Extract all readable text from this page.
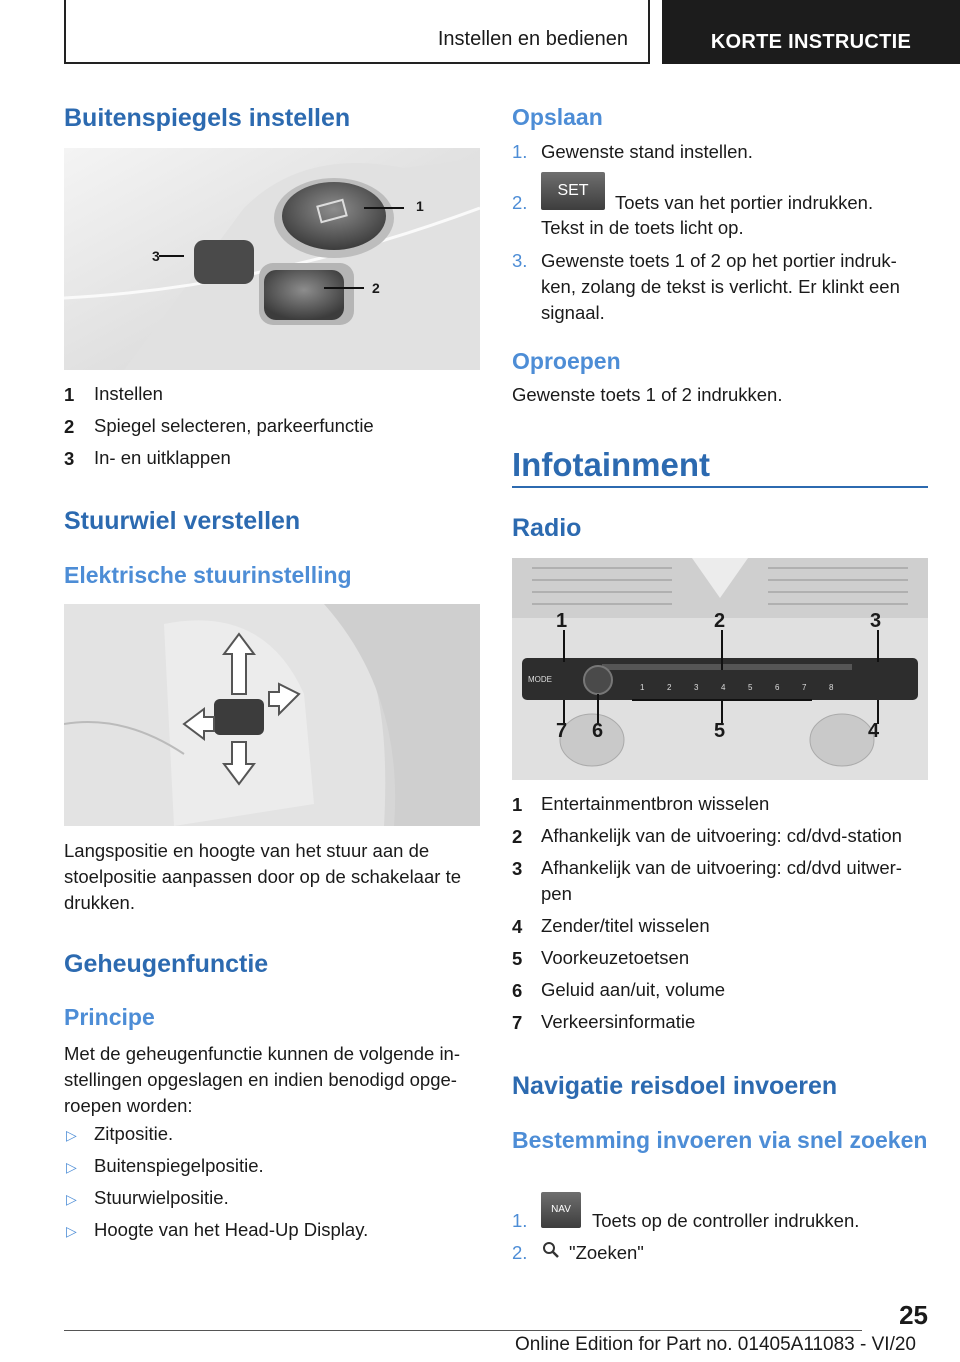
Instellen en bedienen	KORTE INSTRUCTIE
Buitenspiegels instellen
1
2
3
1 Instellen
2 Spiegel selecteren, parkeerfunctie
3 In- en uitklappen
Stuurwiel verstellen
Elektrische stuurinstelling
Langspositie en hoogte van het stuur aan de stoelpositie aanpassen door op de schakelaar te drukken.
Geheugenfunctie
Principe
Met de geheugenfunctie kunnen de volgende instellingen opgeslagen en indien benodigd opgeroepen worden:
▷ Zitpositie.
▷ Buitenspiegelpositie.
▷ Stuurwielpositie.
▷ Hoogte van het Head-Up Display.
Opslaan
1. Gewenste stand instellen.
2.
SET
Toets van het portier indrukken.
Tekst in de toets licht op.
3. Gewenste toets 1 of 2 op het portier indrukken, zolang de tekst is verlicht. Er klinkt een signaal.
Oproepen
Gewenste toets 1 of 2 indrukken.
Infotainment
Radio
MODE
1	2	3	4	5	6	7	8
1	2	3
4
5
6
7
1 Entertainmentbron wisselen
2 Afhankelijk van de uitvoering: cd/dvd-station
3 Afhankelijk van de uitvoering: cd/dvd uitwerpen
4 Zender/titel wisselen
5 Voorkeuzetoetsen
6 Geluid aan/uit, volume
7 Verkeersinformatie
Navigatie reisdoel invoeren
Bestemming invoeren via snel zoeken
1.
NAV
Toets op de controller indrukken.
2. "Zoeken"
25
Online Edition for Part no. 01405A11083 - VI/20
